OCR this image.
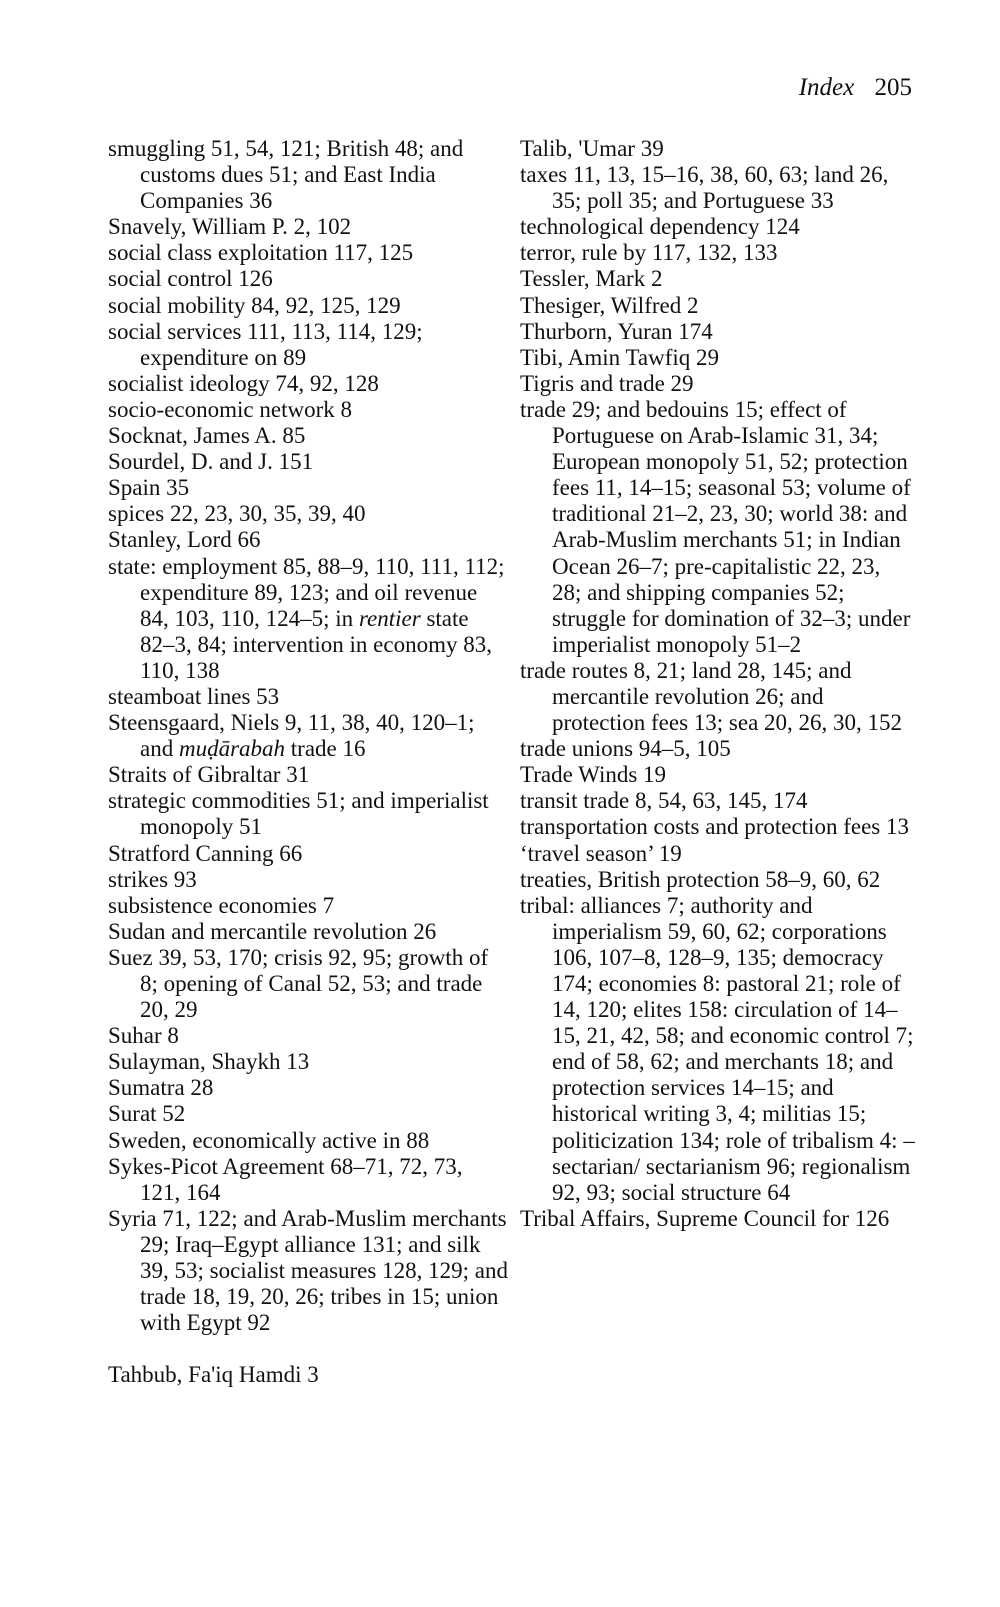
Index 205
smuggling 51, 54, 121; British 48; and customs dues 51; and East India Companies 36
Snavely, William P. 2, 102
social class exploitation 117, 125
social control 126
social mobility 84, 92, 125, 129
social services 111, 113, 114, 129; expenditure on 89
socialist ideology 74, 92, 128
socio-economic network 8
Socknat, James A. 85
Sourdel, D. and J. 151
Spain 35
spices 22, 23, 30, 35, 39, 40
Stanley, Lord 66
state: employment 85, 88–9, 110, 111, 112; expenditure 89, 123; and oil revenue 84, 103, 110, 124–5; in rentier state 82–3, 84; intervention in economy 83, 110, 138
steamboat lines 53
Steensgaard, Niels 9, 11, 38, 40, 120–1; and muḍārabah trade 16
Straits of Gibraltar 31
strategic commodities 51; and imperialist monopoly 51
Stratford Canning 66
strikes 93
subsistence economies 7
Sudan and mercantile revolution 26
Suez 39, 53, 170; crisis 92, 95; growth of 8; opening of Canal 52, 53; and trade 20, 29
Suhar 8
Sulayman, Shaykh 13
Sumatra 28
Surat 52
Sweden, economically active in 88
Sykes-Picot Agreement 68–71, 72, 73, 121, 164
Syria 71, 122; and Arab-Muslim merchants 29; Iraq–Egypt alliance 131; and silk 39, 53; socialist measures 128, 129; and trade 18, 19, 20, 26; tribes in 15; union with Egypt 92
Tahbub, Fa'iq Hamdi 3
Talib, 'Umar 39
taxes 11, 13, 15–16, 38, 60, 63; land 26, 35; poll 35; and Portuguese 33
technological dependency 124
terror, rule by 117, 132, 133
Tessler, Mark 2
Thesiger, Wilfred 2
Thurborn, Yuran 174
Tibi, Amin Tawfiq 29
Tigris and trade 29
trade 29; and bedouins 15; effect of Portuguese on Arab-Islamic 31, 34; European monopoly 51, 52; protection fees 11, 14–15; seasonal 53; volume of traditional 21–2, 23, 30; world 38: and Arab-Muslim merchants 51; in Indian Ocean 26–7; pre-capitalistic 22, 23, 28; and shipping companies 52; struggle for domination of 32–3; under imperialist monopoly 51–2
trade routes 8, 21; land 28, 145; and mercantile revolution 26; and protection fees 13; sea 20, 26, 30, 152
trade unions 94–5, 105
Trade Winds 19
transit trade 8, 54, 63, 145, 174
transportation costs and protection fees 13
‘travel season’ 19
treaties, British protection 58–9, 60, 62
tribal: alliances 7; authority and imperialism 59, 60, 62; corporations 106, 107–8, 128–9, 135; democracy 174; economies 8: pastoral 21; role of 14, 120; elites 158: circulation of 14–15, 21, 42, 58; and economic control 7; end of 58, 62; and merchants 18; and protection services 14–15; and historical writing 3, 4; militias 15; politicization 134; role of tribalism 4: –sectarian/ sectarianism 96; regionalism 92, 93; social structure 64
Tribal Affairs, Supreme Council for 126
